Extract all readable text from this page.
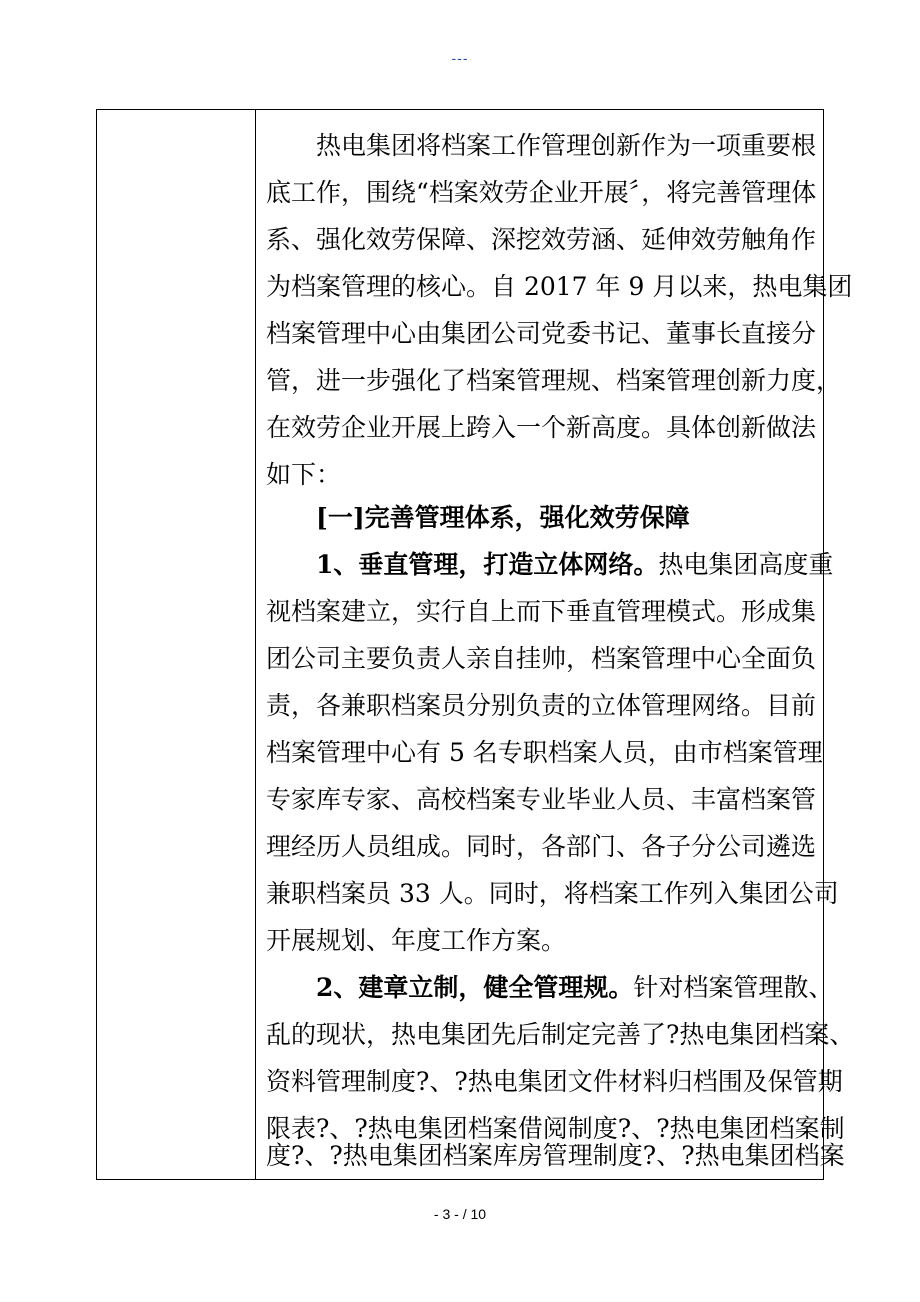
---
热电集团将档案工作管理创新作为一项重要根
底工作，围绕“档案效劳企业开展〞，将完善管理体
系、强化效劳保障、深挖效劳涵、延伸效劳触角作
为档案管理的核心。自 2017 年 9 月以来，热电集团
档案管理中心由集团公司党委书记、董事长直接分
管，进一步强化了档案管理规、档案管理创新力度，
在效劳企业开展上跨入一个新高度。具体创新做法
如下：
[一]完善管理体系，强化效劳保障
1、垂直管理，打造立体网络。热电集团高度重
视档案建立，实行自上而下垂直管理模式。形成集
团公司主要负责人亲自挂帅，档案管理中心全面负
责，各兼职档案员分别负责的立体管理网络。目前
档案管理中心有 5 名专职档案人员，由市档案管理
专家库专家、高校档案专业毕业人员、丰富档案管
理经历人员组成。同时，各部门、各子分公司遴选
兼职档案员 33 人。同时，将档案工作列入集团公司
开展规划、年度工作方案。
2、建章立制，健全管理规。针对档案管理散、
乱的现状，热电集团先后制定完善了?热电集团档案、
资料管理制度?、?热电集团文件材料归档围及保管期
限表?、?热电集团档案借阅制度?、?热电集团档案制
度?、?热电集团档案库房管理制度?、?热电集团档案
- 3 - / 10
